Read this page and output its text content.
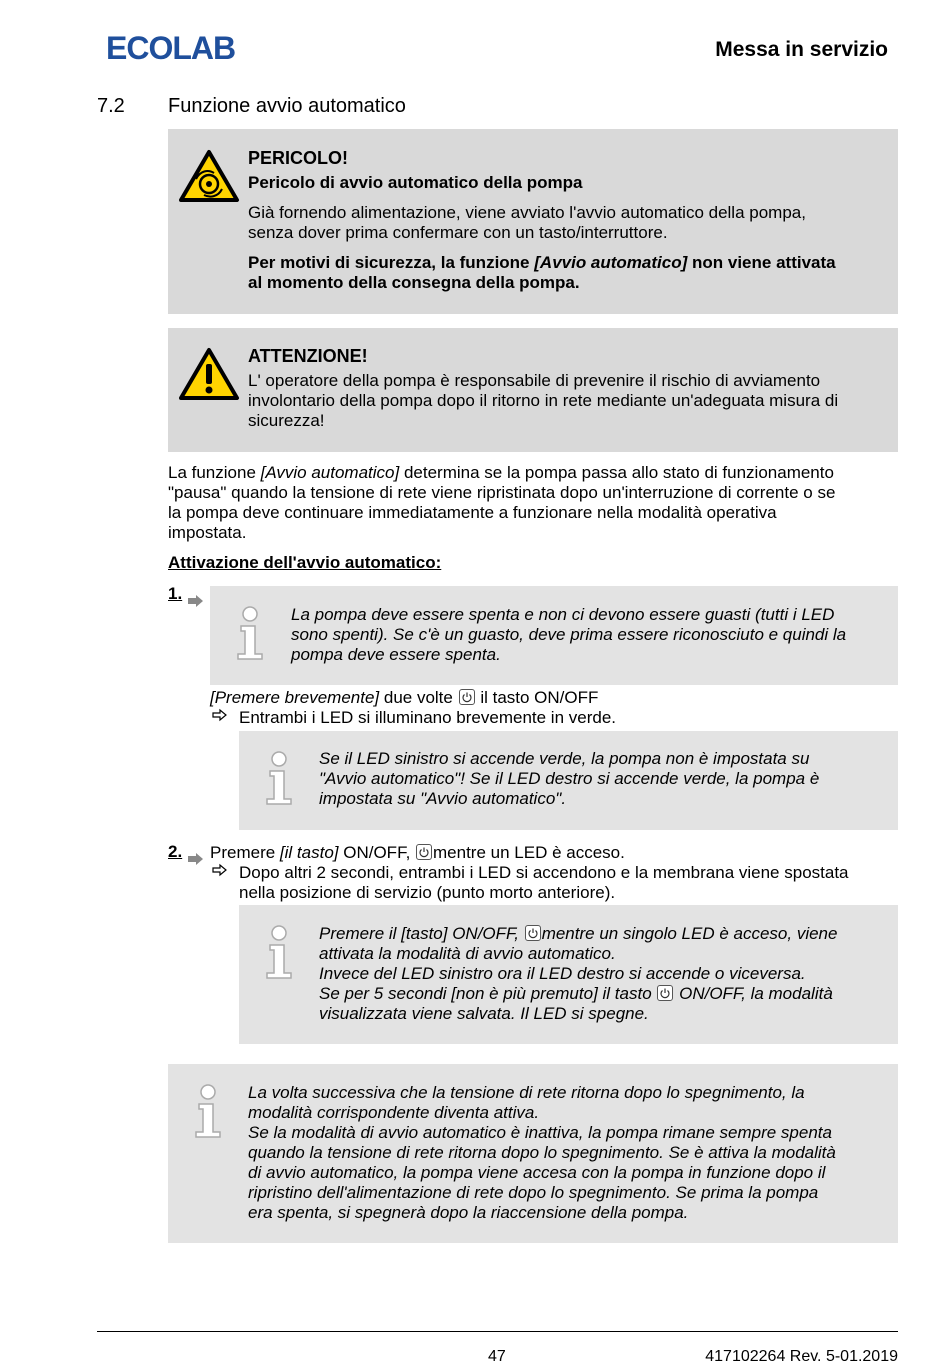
ECOLAB	Messa in servizio
7.2 Funzione avvio automatico
PERICOLO!
Pericolo di avvio automatico della pompa
Già fornendo alimentazione, viene avviato l'avvio automatico della pompa,
senza dover prima confermare con un tasto/interruttore.
Per motivi di sicurezza, la funzione [Avvio automatico] non viene attivata
al momento della consegna della pompa.
ATTENZIONE!
L' operatore della pompa è responsabile di prevenire il rischio di avviamento
involontario della pompa dopo il ritorno in rete mediante un'adeguata misura di
sicurezza!
La funzione [Avvio automatico] determina se la pompa passa allo stato di funzionamento
"pausa" quando la tensione di rete viene ripristinata dopo un'interruzione di corrente o se
la pompa deve continuare immediatamente a funzionare nella modalità operativa
impostata.
Attivazione dell'avvio automatico:
1.
La pompa deve essere spenta e non ci devono essere guasti (tutti i LED
sono spenti). Se c'è un guasto, deve prima essere riconosciuto e quindi la
pompa deve essere spenta.
[Premere brevemente] due volte
il tasto ON/OFF
Entrambi i LED si illuminano brevemente in verde.
Se il LED sinistro si accende verde, la pompa non è impostata su
"Avvio automatico"! Se il LED destro si accende verde, la pompa è
impostata su "Avvio automatico".
2. Premere [il tasto] ON/OFF,
mentre un LED è acceso.
Dopo altri 2 secondi, entrambi i LED si accendono e la membrana viene spostata
nella posizione di servizio (punto morto anteriore).
Premere il [tasto] ON/OFF,
mentre un singolo LED è acceso, viene
attivata la modalità di avvio automatico.
Invece del LED sinistro ora il LED destro si accende o viceversa.
Se per 5 secondi [non è più premuto] il tasto
ON/OFF, la modalità
visualizzata viene salvata. Il LED si spegne.
La volta successiva che la tensione di rete ritorna dopo lo spegnimento, la
modalità corrispondente diventa attiva.
Se la modalità di avvio automatico è inattiva, la pompa rimane sempre spenta
quando la tensione di rete ritorna dopo lo spegnimento. Se è attiva la modalità
di avvio automatico, la pompa viene accesa con la pompa in funzione dopo il
ripristino dell'alimentazione di rete dopo lo spegnimento. Se prima la pompa
era spenta, si spegnerà dopo la riaccensione della pompa.
47	417102264 Rev. 5-01.2019
